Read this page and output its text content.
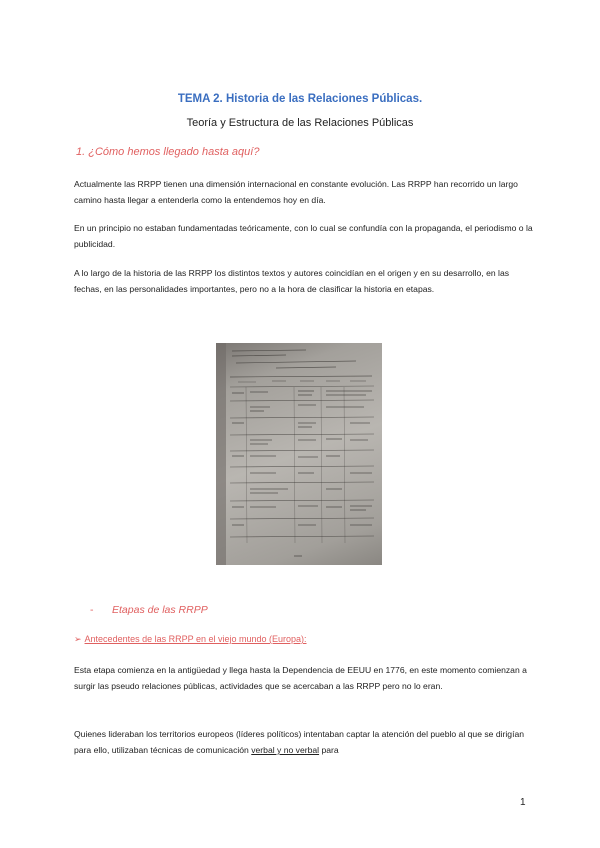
TEMA 2. Historia de las Relaciones Públicas.
Teoría y Estructura de las Relaciones Públicas
1. ¿Cómo hemos llegado hasta aquí?
Actualmente las RRPP tienen una dimensión internacional en constante evolución. Las RRPP han recorrido un largo camino hasta llegar a entenderla como la entendemos hoy en día.
En un principio no estaban fundamentadas teóricamente, con lo cual se confundía con la propaganda, el periodismo o la publicidad.
A lo largo de la historia de las RRPP los distintos textos y autores coincidían en el origen y en su desarrollo, en las fechas, en las personalidades importantes, pero no a la hora de clasificar la historia en etapas.
- Etapas de las RRPP
➢ Antecedentes de las RRPP en el viejo mundo (Europa):
Esta etapa comienza en la antigüedad y llega hasta la Dependencia de EEUU en 1776, en este momento comienzan a surgir las pseudo relaciones públicas, actividades que se acercaban a las RRPP pero no lo eran.
Quienes lideraban los territorios europeos (líderes políticos) intentaban captar la atención del pueblo al que se dirigían para ello, utilizaban técnicas de comunicación verbal y no verbal para
1
